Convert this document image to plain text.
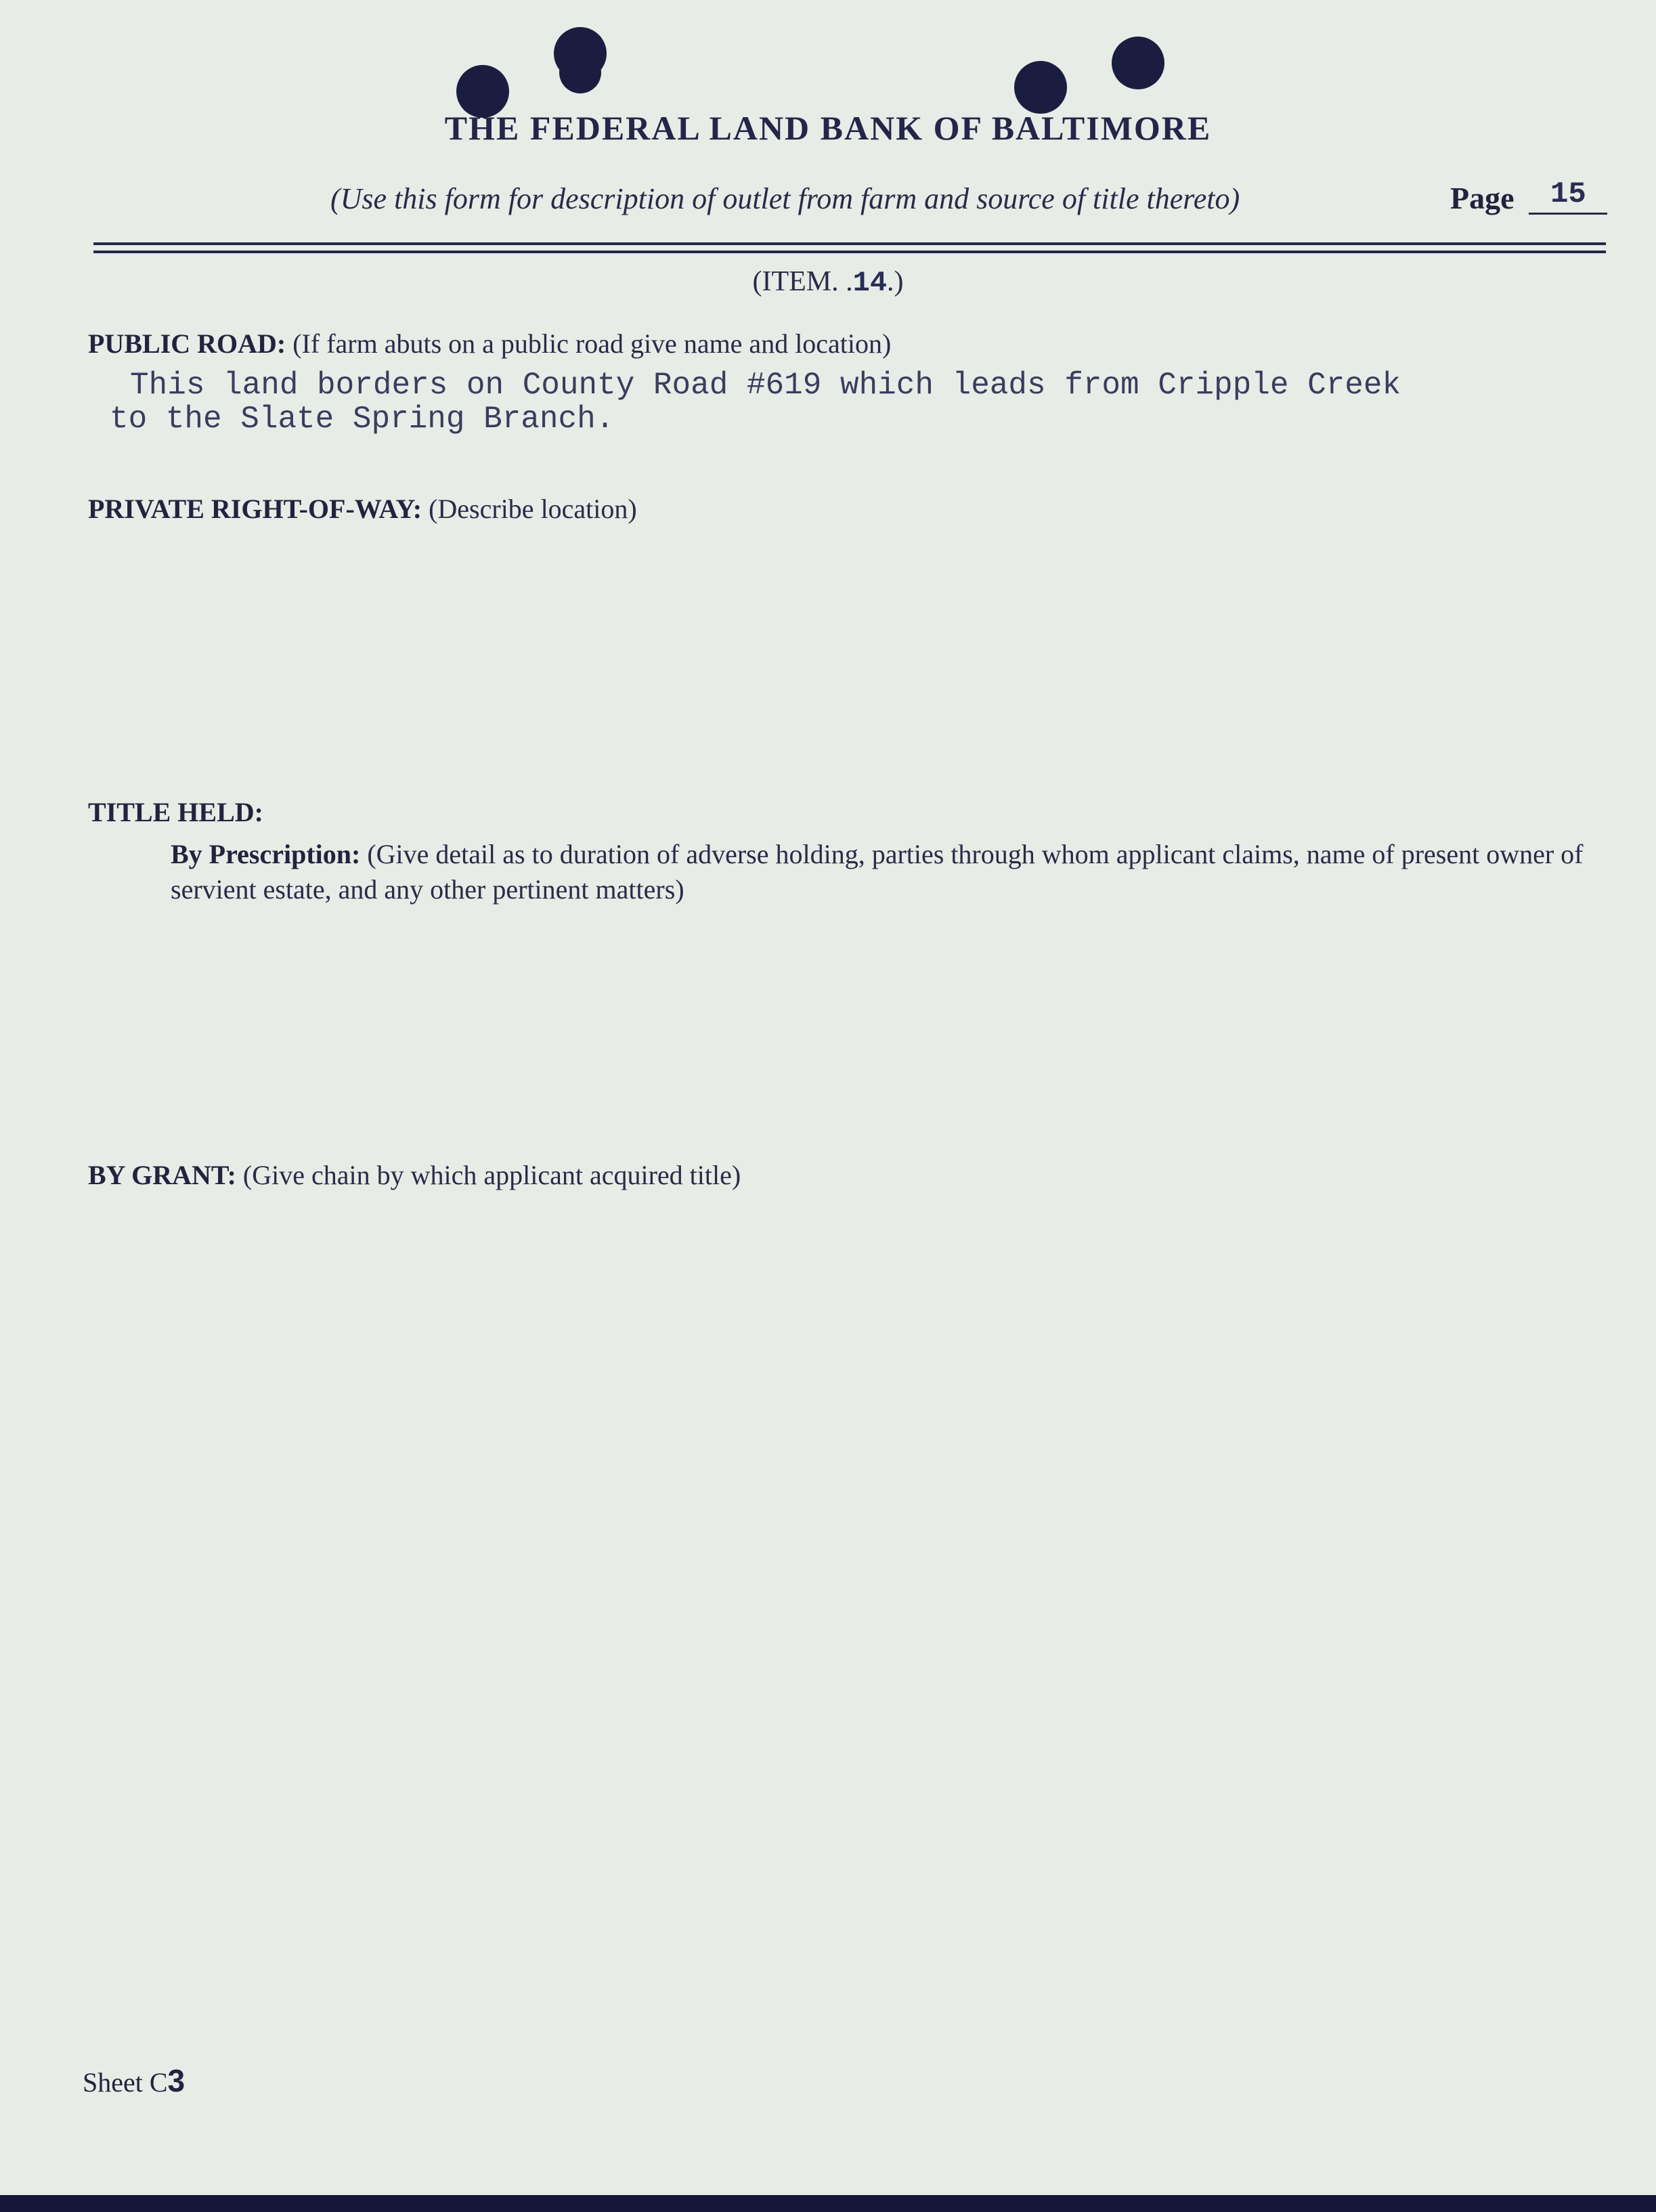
THE FEDERAL LAND BANK OF BALTIMORE
(Use this form for description of outlet from farm and source of title thereto)	Page 15
(ITEM. .14.)
PUBLIC ROAD: (If farm abuts on a public road give name and location)
This land borders on County Road #619 which leads from Cripple Creek
to the Slate Spring Branch.
PRIVATE RIGHT-OF-WAY: (Describe location)
TITLE HELD:
By Prescription: (Give detail as to duration of adverse holding, parties through whom applicant claims, name of present owner of servient estate, and any other pertinent matters)
BY GRANT: (Give chain by which applicant acquired title)
Sheet C3
